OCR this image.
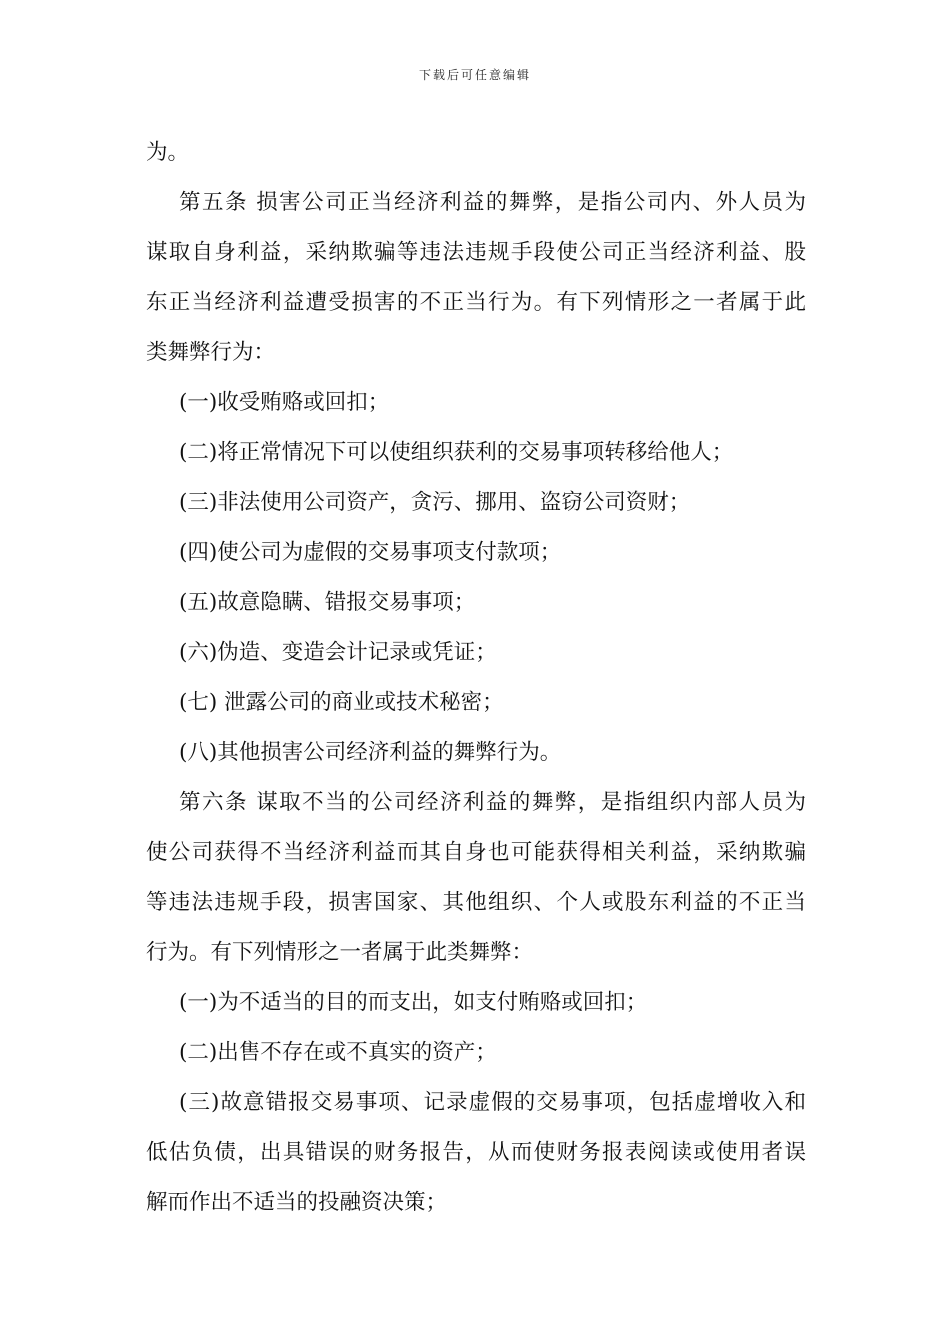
下载后可任意编辑
为。
第五条 损害公司正当经济利益的舞弊，是指公司内、外人员为
谋取自身利益，采纳欺骗等违法违规手段使公司正当经济利益、股
东正当经济利益遭受损害的不正当行为。有下列情形之一者属于此
类舞弊行为：
(一)收受贿赂或回扣；
(二)将正常情况下可以使组织获利的交易事项转移给他人；
(三)非法使用公司资产，贪污、挪用、盗窃公司资财；
(四)使公司为虚假的交易事项支付款项；
(五)故意隐瞒、错报交易事项；
(六)伪造、变造会计记录或凭证；
(七) 泄露公司的商业或技术秘密；
(八)其他损害公司经济利益的舞弊行为。
第六条 谋取不当的公司经济利益的舞弊，是指组织内部人员为
使公司获得不当经济利益而其自身也可能获得相关利益，采纳欺骗
等违法违规手段，损害国家、其他组织、个人或股东利益的不正当
行为。有下列情形之一者属于此类舞弊：
(一)为不适当的目的而支出，如支付贿赂或回扣；
(二)出售不存在或不真实的资产；
(三)故意错报交易事项、记录虚假的交易事项，包括虚增收入和
低估负债，出具错误的财务报告，从而使财务报表阅读或使用者误
解而作出不适当的投融资决策；
